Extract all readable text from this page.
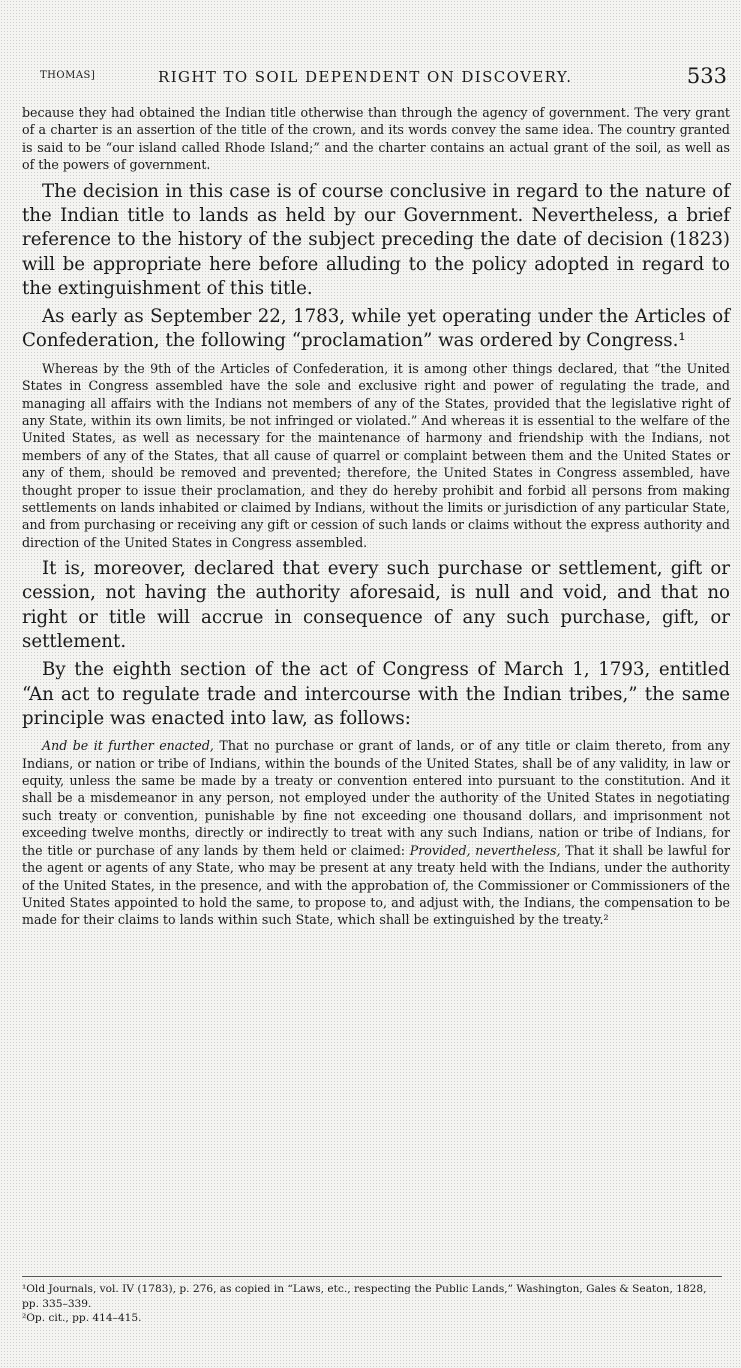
THOMAS]	RIGHT TO SOIL DEPENDENT ON DISCOVERY.	533

because they had obtained the Indian title otherwise than through the agency of government. The very grant of a charter is an assertion of the title of the crown, and its words convey the same idea. The country granted is said to be “our island called Rhode Island;” and the charter contains an actual grant of the soil, as well as of the powers of government.

The decision in this case is of course conclusive in regard to the nature of the Indian title to lands as held by our Government. Nevertheless, a brief reference to the history of the subject preceding the date of decision (1823) will be appropriate here before alluding to the policy adopted in regard to the extinguishment of this title.

As early as September 22, 1783, while yet operating under the Articles of Confederation, the following “proclamation” was ordered by Congress.¹

Whereas by the 9th of the Articles of Confederation, it is among other things declared, that “the United States in Congress assembled have the sole and exclusive right and power of regulating the trade, and managing all affairs with the Indians not members of any of the States, provided that the legislative right of any State, within its own limits, be not infringed or violated.” And whereas it is essential to the welfare of the United States, as well as necessary for the maintenance of harmony and friendship with the Indians, not members of any of the States, that all cause of quarrel or complaint between them and the United States or any of them, should be removed and prevented; therefore, the United States in Congress assembled, have thought proper to issue their proclamation, and they do hereby prohibit and forbid all persons from making settlements on lands inhabited or claimed by Indians, without the limits or jurisdiction of any particular State, and from purchasing or receiving any gift or cession of such lands or claims without the express authority and direction of the United States in Congress assembled.

It is, moreover, declared that every such purchase or settlement, gift or cession, not having the authority aforesaid, is null and void, and that no right or title will accrue in consequence of any such purchase, gift, or settlement.

By the eighth section of the act of Congress of March 1, 1793, entitled “An act to regulate trade and intercourse with the Indian tribes,” the same principle was enacted into law, as follows:

And be it further enacted, That no purchase or grant of lands, or of any title or claim thereto, from any Indians, or nation or tribe of Indians, within the bounds of the United States, shall be of any validity, in law or equity, unless the same be made by a treaty or convention entered into pursuant to the constitution. And it shall be a misdemeanor in any person, not employed under the authority of the United States in negotiating such treaty or convention, punishable by fine not exceeding one thousand dollars, and imprisonment not exceeding twelve months, directly or indirectly to treat with any such Indians, nation or tribe of Indians, for the title or purchase of any lands by them held or claimed: Provided, nevertheless, That it shall be lawful for the agent or agents of any State, who may be present at any treaty held with the Indians, under the authority of the United States, in the presence, and with the approbation of, the Commissioner or Commissioners of the United States appointed to hold the same, to propose to, and adjust with, the Indians, the compensation to be made for their claims to lands within such State, which shall be extinguished by the treaty.²

¹Old Journals, vol. IV (1783), p. 276, as copied in “Laws, etc., respecting the Public Lands,” Washington, Gales & Seaton, 1828, pp. 335–339.

²Op. cit., pp. 414–415.
